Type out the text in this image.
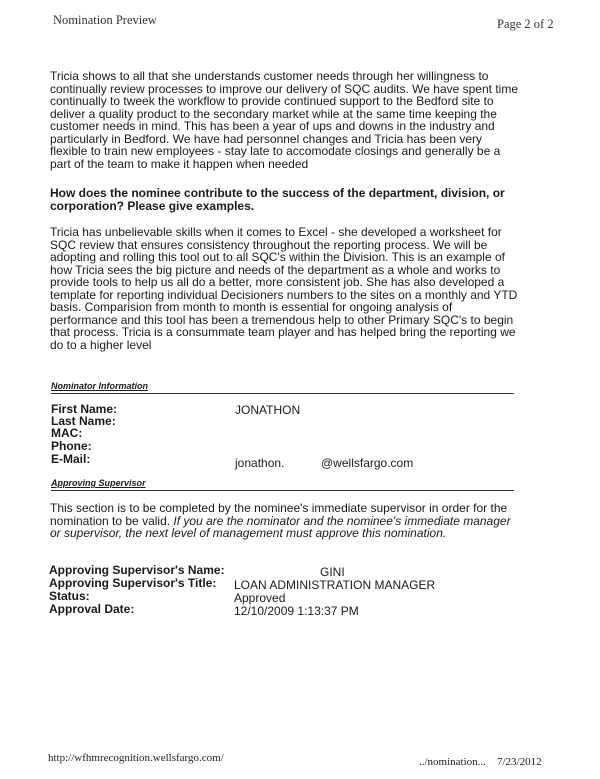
Nomination Preview	Page 2 of 2
Tricia shows to all that she understands customer needs through her willingness to
continually review processes to improve our delivery of SQC audits. We have spent time
continually to tweek the workflow to provide continued support to the Bedford site to
deliver a quality product to the secondary market while at the same time keeping the
customer needs in mind. This has been a year of ups and downs in the industry and
particularly in Bedford. We have had personnel changes and Tricia has been very
flexible to train new employees - stay late to accomodate closings and generally be a
part of the team to make it happen when needed
How does the nominee contribute to the success of the department, division, or
corporation? Please give examples.
Tricia has unbelievable skills when it comes to Excel - she developed a worksheet for
SQC review that ensures consistency throughout the reporting process. We will be
adopting and rolling this tool out to all SQC's within the Division. This is an example of
how Tricia sees the big picture and needs of the department as a whole and works to
provide tools to help us all do a better, more consistent job. She has also developed a
template for reporting individual Decisioners numbers to the sites on a monthly and YTD
basis. Comparision from month to month is essential for ongoing analysis of
performance and this tool has been a tremendous help to other Primary SQC's to begin
that process. Tricia is a consummate team player and has helped bring the reporting we
do to a higher level
Nominator Information
First Name:	JONATHON
Last Name:
MAC:
Phone:
E-Mail:	jonathon.	@wellsfargo.com
Approving Supervisor
This section is to be completed by the nominee's immediate supervisor in order for the
nomination to be valid. If you are the nominator and the nominee's immediate manager
or supervisor, the next level of management must approve this nomination.
Approving Supervisor's Name:	GINI
Approving Supervisor's Title: LOAN ADMINISTRATION MANAGER
Status:	Approved
Approval Date:	12/10/2009 1:13:37 PM
http://wfhmrecognition.wellsfargo.com/	../nomination... 7/23/2012
